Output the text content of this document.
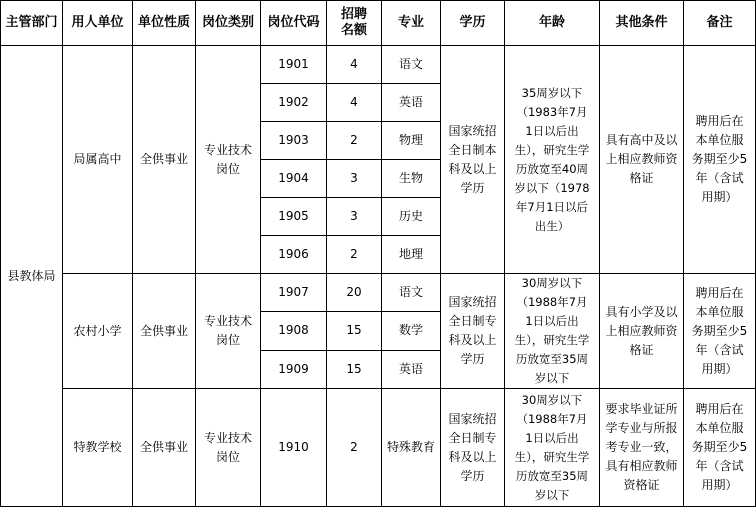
主管部门	用人单位	单位性质	岗位类别	岗位代码	招聘名额	专业	学历	年龄	其他条件	备注
县教体局	局属高中	全供事业	专业技术岗位	1901	4	语文	国家统招全日制本科及以上学历	35周岁以下（1983年7月1日以后出生），研究生学历放宽至40周岁以下（1978年7月1日以后出生）	具有高中及以上相应教师资格证	聘用后在本单位服务期至少5年（含试用期）
				1902	4	英语				
				1903	2	物理				
				1904	3	生物				
				1905	3	历史				
				1906	2	地理				
	农村小学	全供事业	专业技术岗位	1907	20	语文	国家统招全日制专科及以上学历	30周岁以下（1988年7月1日以后出生），研究生学历放宽至35周岁以下	具有小学及以上相应教师资格证	聘用后在本单位服务期至少5年（含试用期）
				1908	15	数学				
				1909	15	英语				
	特教学校	全供事业	专业技术岗位	1910	2	特殊教育	国家统招全日制专科及以上学历	30周岁以下（1988年7月1日以后出生），研究生学历放宽至35周岁以下	要求毕业证所学专业与所报考专业一致，具有相应教师资格证	聘用后在本单位服务期至少5年（含试用期）
